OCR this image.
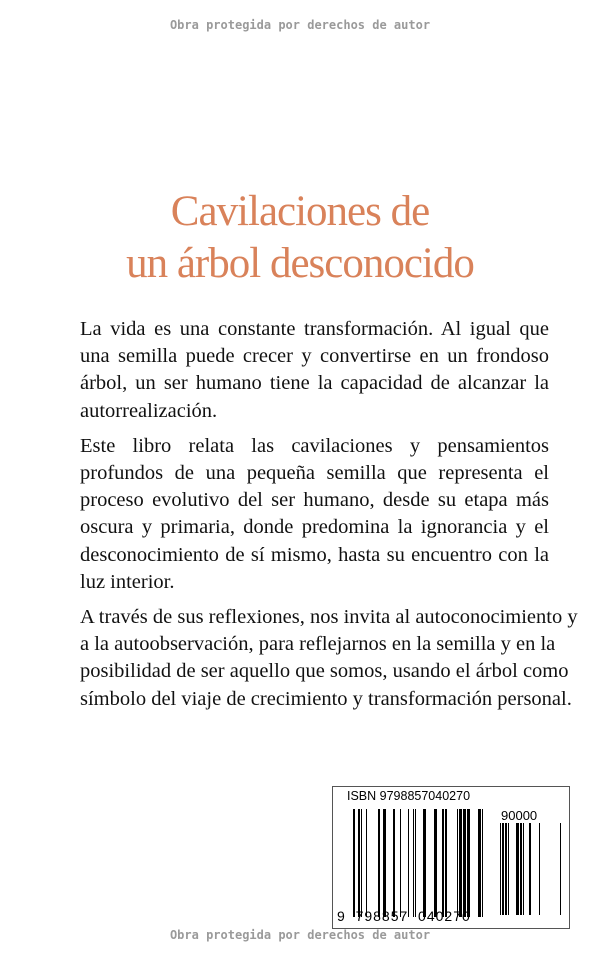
Obra protegida por derechos de autor
Cavilaciones de
un árbol desconocido
La vida es una constante transformación. Al igual que
una semilla puede crecer y convertirse en un frondoso
árbol, un ser humano tiene la capacidad de alcanzar la
autorrealización.
Este libro relata las cavilaciones y pensamientos
profundos de una pequeña semilla que representa el
proceso evolutivo del ser humano, desde su etapa más
oscura y primaria, donde predomina la ignorancia y el
desconocimiento de sí mismo, hasta su encuentro con la
luz interior.
A través de sus reflexiones, nos invita al autoconocimiento y
a la autoobservación, para reflejarnos en la semilla y en la
posibilidad de ser aquello que somos, usando el árbol como
símbolo del viaje de crecimiento y transformación personal.
ISBN 9798857040270
90000
9  798857  040270
Obra protegida por derechos de autor
